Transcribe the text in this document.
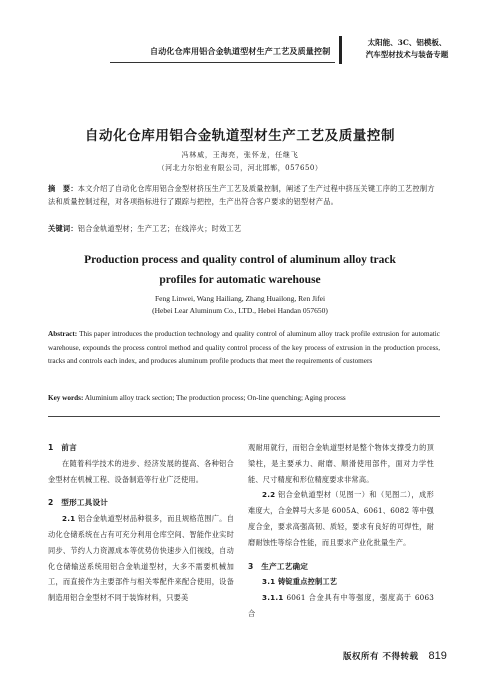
自动化仓库用铝合金轨道型材生产工艺及质量控制
太阳能、3C、铝模板、
汽车型材技术与装备专题
自动化仓库用铝合金轨道型材生产工艺及质量控制
冯林威，王海亮，张怀龙，任继飞
（河北力尔铝业有限公司，河北邯郸，057650）
摘　要：本文介绍了自动化仓库用铝合金型材挤压生产工艺及质量控制，阐述了生产过程中挤压关键工序的工艺控制方法和质量控制过程，对各项指标进行了跟踪与把控，生产出符合客户要求的铝型材产品。
关键词：铝合金轨道型材；生产工艺；在线淬火；时效工艺
Production process and quality control of aluminum alloy track
profiles for automatic warehouse
Feng Linwei, Wang Hailiang, Zhang Huailong, Ren Jifei
(Hebei Lear Aluminum Co., LTD., Hebei Handan 057650)
Abstract: This paper introduces the production technology and quality control of aluminum alloy track profile extrusion for automatic warehouse, expounds the process control method and quality control process of the key process of extrusion in the production process, tracks and controls each index, and produces aluminum profile products that meet the requirements of customers
Key words: Aluminium alloy track section; The production process; On-line quenching; Aging process
1　前言
在随着科学技术的进步、经济发展的提高、各种铝合金型材在机械工程、设备制造等行业广泛使用。
2　型形工具设计
2.1 铝合金轨道型材品种很多，而且规格范围广。自动化仓储系统在占有可充分利用仓库空间、智能作业实时同步、节约人力资源成本等优势仿快速步入们视线，自动化仓储输送系统用铝合金轨道型材，大多不需要机械加工，而直接作为主要部件与相关零配件来配合使用，设备制造用铝合金型材不同于装饰材料，只要美
观耐用就行，而铝合金轨道型材是整个物体支撑受力的顶梁柱，是主要承力、耐磨、顺滑使用部件，面对力学性能、尺寸精度和形位精度要求非常高。
2.2 铝合金轨道型材（见图一）和（见图二），成形难度大，合金牌号大多是 6005A、6061、6082 等中强度合金，要求高强高韧、质轻，要求有良好的可焊性，耐磨耐蚀性等综合性能，而且要求产业化批量生产。
3　生产工艺确定
3.1 铸锭重点控制工艺
3.1.1 6061 合金具有中等强度，强度高于 6063 合
版权所有 不得转载 819
